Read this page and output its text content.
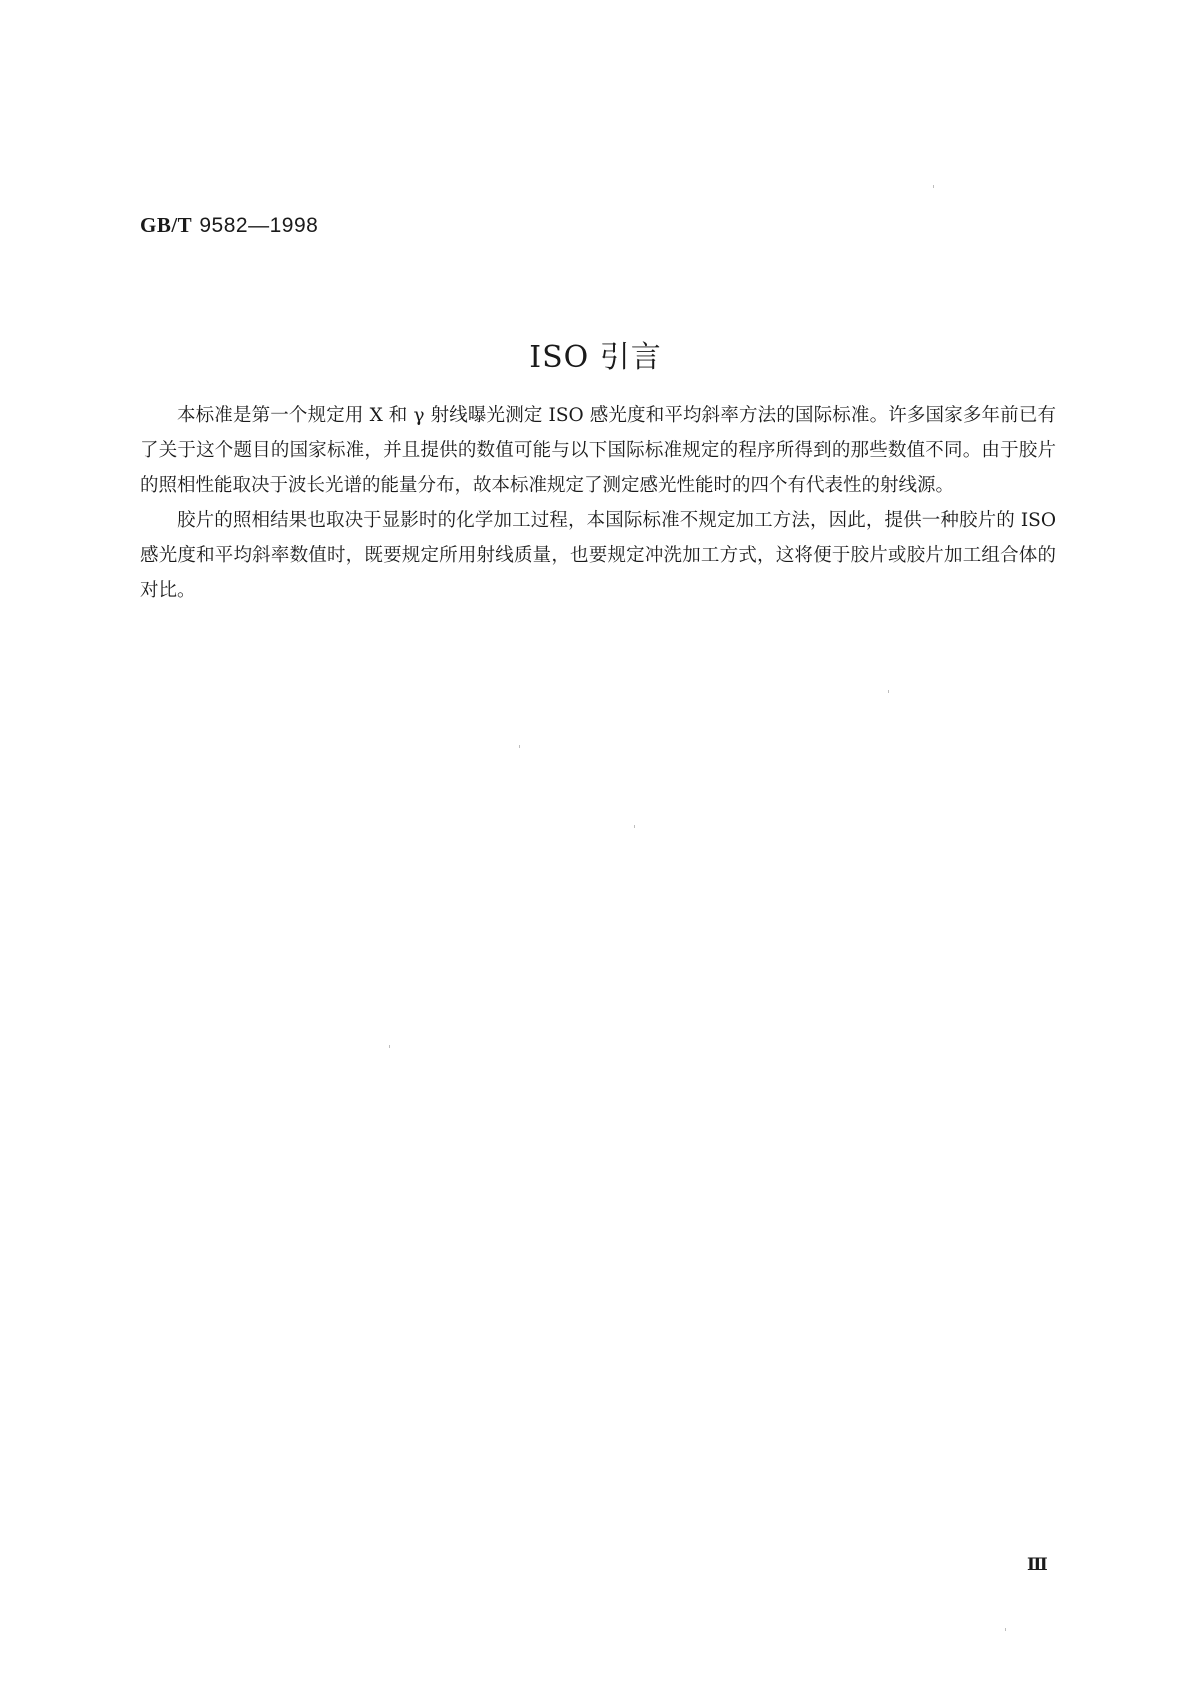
GB/T 9582—1998
ISO 引言

本标准是第一个规定用 X 和 γ 射线曝光测定 ISO 感光度和平均斜率方法的国际标准。许多国家多年前已有了关于这个题目的国家标准，并且提供的数值可能与以下国际标准规定的程序所得到的那些数值不同。由于胶片的照相性能取决于波长光谱的能量分布，故本标准规定了测定感光性能时的四个有代表性的射线源。

胶片的照相结果也取决于显影时的化学加工过程，本国际标准不规定加工方法，因此，提供一种胶片的 ISO 感光度和平均斜率数值时，既要规定所用射线质量，也要规定冲洗加工方式，这将便于胶片或胶片加工组合体的对比。

Ⅲ
